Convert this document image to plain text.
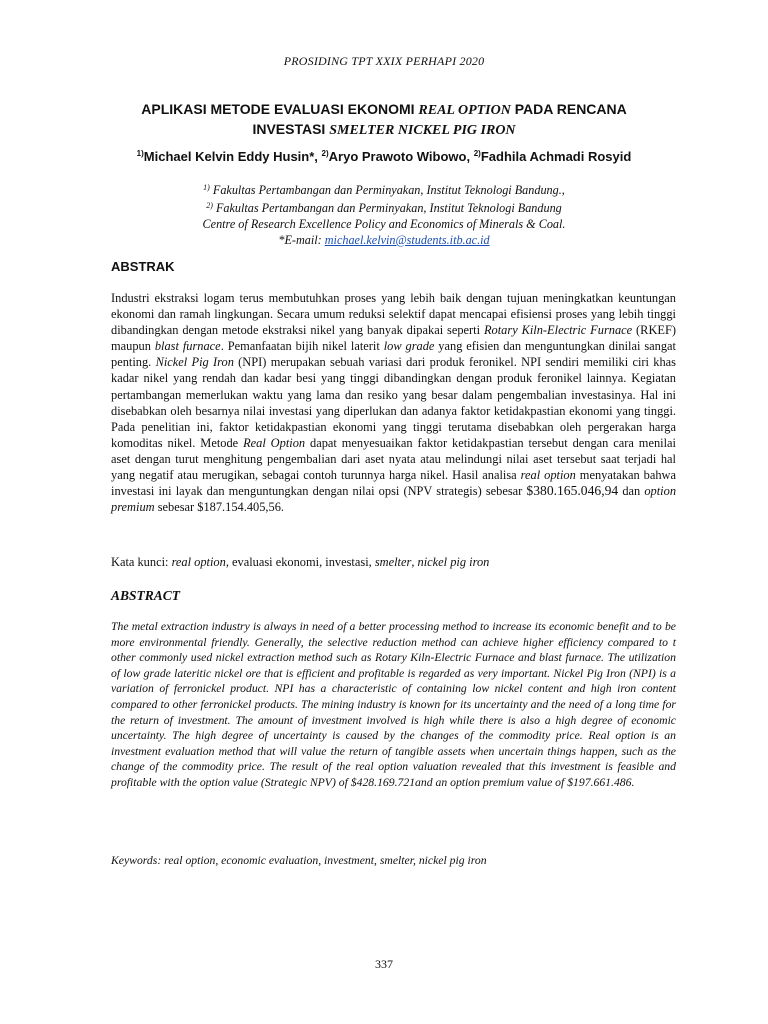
PROSIDING TPT XXIX PERHAPI 2020
APLIKASI METODE EVALUASI EKONOMI REAL OPTION PADA RENCANA
INVESTASI SMELTER NICKEL PIG IRON
$^{1)}$Michael Kelvin Eddy Husin*, $^{2)}$Aryo Prawoto Wibowo, $^{2)}$Fadhila Achmadi Rosyid
$^{1)}$ Fakultas Pertambangan dan Perminyakan, Institut Teknologi Bandung.,
$^{2)}$ Fakultas Pertambangan dan Perminyakan, Institut Teknologi Bandung
Centre of Research Excellence Policy and Economics of Minerals & Coal.
*E-mail: michael.kelvin@students.itb.ac.id
ABSTRAK
Industri ekstraksi logam terus membutuhkan proses yang lebih baik dengan tujuan meningkatkan keuntungan ekonomi dan ramah lingkungan. Secara umum reduksi selektif dapat mencapai efisiensi proses yang lebih tinggi dibandingkan dengan metode ekstraksi nikel yang banyak dipakai seperti Rotary Kiln-Electric Furnace (RKEF) maupun blast furnace. Pemanfaatan bijih nikel laterit low grade yang efisien dan menguntungkan dinilai sangat penting. Nickel Pig Iron (NPI) merupakan sebuah variasi dari produk feronikel. NPI sendiri memiliki ciri khas kadar nikel yang rendah dan kadar besi yang tinggi dibandingkan dengan produk feronikel lainnya. Kegiatan pertambangan memerlukan waktu yang lama dan resiko yang besar dalam pengembalian investasinya. Hal ini disebabkan oleh besarnya nilai investasi yang diperlukan dan adanya faktor ketidakpastian ekonomi yang tinggi. Pada penelitian ini, faktor ketidakpastian ekonomi yang tinggi terutama disebabkan oleh pergerakan harga komoditas nikel. Metode Real Option dapat menyesuaikan faktor ketidakpastian tersebut dengan cara menilai aset dengan turut menghitung pengembalian dari aset nyata atau melindungi nilai aset tersebut saat terjadi hal yang negatif atau merugikan, sebagai contoh turunnya harga nikel. Hasil analisa real option menyatakan bahwa investasi ini layak dan menguntungkan dengan nilai opsi (NPV strategis) sebesar $380.165.046,94 dan option premium sebesar $187.154.405,56.
Kata kunci: real option, evaluasi ekonomi, investasi, smelter, nickel pig iron
ABSTRACT
The metal extraction industry is always in need of a better processing method to increase its economic benefit and to be more environmental friendly. Generally, the selective reduction method can achieve higher efficiency compared to t other commonly used nickel extraction method such as Rotary Kiln-Electric Furnace and blast furnace. The utilization of low grade lateritic nickel ore that is efficient and profitable is regarded as very important. Nickel Pig Iron (NPI) is a variation of ferronickel product. NPI has a characteristic of containing low nickel content and high iron content compared to other ferronickel products. The mining industry is known for its uncertainty and the need of a long time for the return of investment. The amount of investment involved is high while there is also a high degree of economic uncertainty. The high degree of uncertainty is caused by the changes of the commodity price. Real option is an investment evaluation method that will value the return of tangible assets when uncertain things happen, such as the change of the commodity price. The result of the real option valuation revealed that this investment is feasible and profitable with the option value (Strategic NPV) of $428.169.721and an option premium value of $197.661.486.
Keywords: real option, economic evaluation, investment, smelter, nickel pig iron
337
